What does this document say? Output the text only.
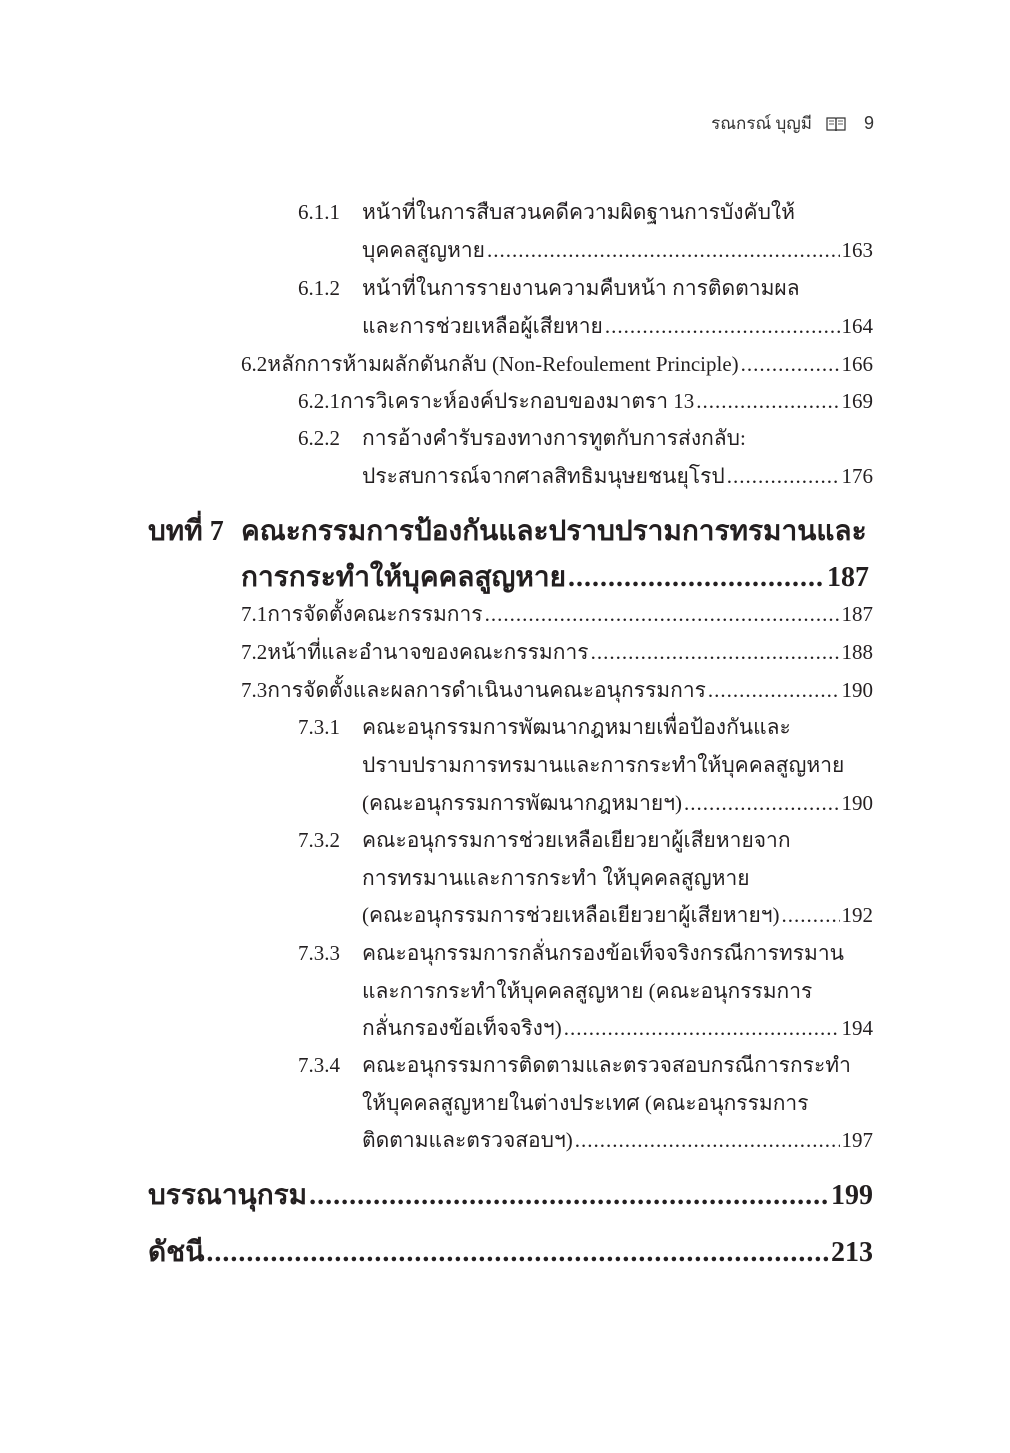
รณกรณ์ บุญมี	9
6.1.1	หน้าที่ในการสืบสวนคดีความผิดฐานการบังคับให้
บุคคลสูญหาย .....	163
6.1.2	หน้าที่ในการรายงานความคืบหน้า การติดตามผล
และการช่วยเหลือผู้เสียหาย .....	164
6.2 หลักการห้ามผลักดันกลับ (Non-Refoulement Principle) .....	166
6.2.1 การวิเคราะห์องค์ประกอบของมาตรา 13 .....	169
6.2.2	การอ้างคำรับรองทางการทูตกับการส่งกลับ:
ประสบการณ์จากศาลสิทธิมนุษยชนยุโรป .....	176
บทที่ 7 คณะกรรมการป้องกันและปราบปรามการทรมานและ
การกระทำให้บุคคลสูญหาย .....	187
7.1 การจัดตั้งคณะกรรมการ .....	187
7.2 หน้าที่และอำนาจของคณะกรรมการ .....	188
7.3 การจัดตั้งและผลการดำเนินงานคณะอนุกรรมการ .....	190
7.3.1	คณะอนุกรรมการพัฒนากฎหมายเพื่อป้องกันและ
ปราบปรามการทรมานและการกระทำให้บุคคลสูญหาย
(คณะอนุกรรมการพัฒนากฎหมายฯ) .....	190
7.3.2	คณะอนุกรรมการช่วยเหลือเยียวยาผู้เสียหายจาก
การทรมานและการกระทำ ให้บุคคลสูญหาย
(คณะอนุกรรมการช่วยเหลือเยียวยาผู้เสียหายฯ) .....	192
7.3.3	คณะอนุกรรมการกลั่นกรองข้อเท็จจริงกรณีการทรมาน
และการกระทำให้บุคคลสูญหาย (คณะอนุกรรมการ
กลั่นกรองข้อเท็จจริงฯ) .....	194
7.3.4	คณะอนุกรรมการติดตามและตรวจสอบกรณีการกระทำ
ให้บุคคลสูญหายในต่างประเทศ (คณะอนุกรรมการ
ติดตามและตรวจสอบฯ) .....	197
บรรณานุกรม .....	199
ดัชนี .....	213
